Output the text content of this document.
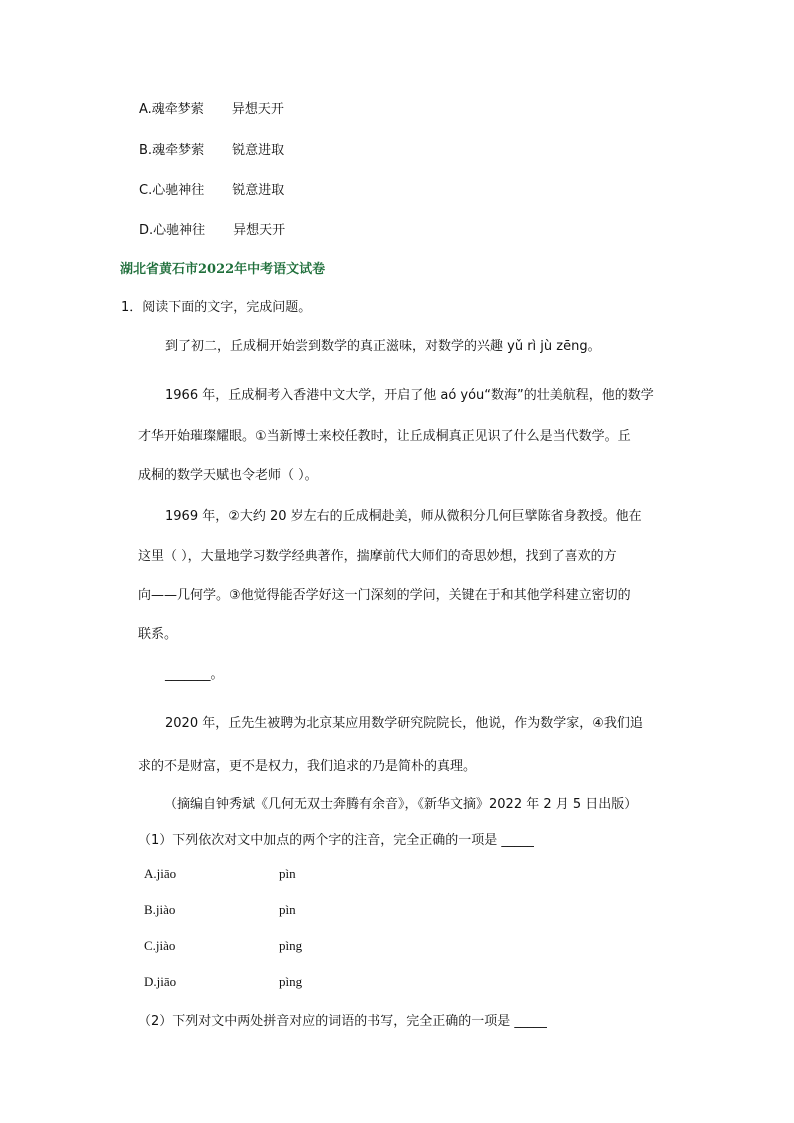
A.魂牵梦萦 异想天开
B.魂牵梦萦 锐意进取
C.心驰神往 锐意进取
D.心驰神往 异想天开
湖北省黄石市2022年中考语文试卷
1．阅读下面的文字，完成问题。
到了初二，丘成桐开始尝到数学的真正滋味，对数学的兴趣 yǔ rì jù zēng。
1966 年，丘成桐考入香港中文大学，开启了他 aó yóu“数海”的壮美航程，他的数学
才华开始璀璨耀眼。①当新博士来校任教时，让丘成桐真正见识了什么是当代数学。丘
成桐的数学天赋也令老师（ ）。
1969 年，②大约 20 岁左右的丘成桐赴美，师从微积分几何巨擘陈省身教授。他在
这里（ ），大量地学习数学经典著作，揣摩前代大师们的奇思妙想，找到了喜欢的方
向——几何学。③他觉得能否学好这一门深刻的学问，关键在于和其他学科建立密切的
联系。
_______。
2020 年，丘先生被聘为北京某应用数学研究院院长，他说，作为数学家，④我们追
求的不是财富，更不是权力，我们追求的乃是简朴的真理。
（摘编自钟秀斌《几何无双士奔腾有余音》，《新华文摘》2022 年 2 月 5 日出版）
（1）下列依次对文中加点的两个字的注音，完全正确的一项是 _____
A.jiāo	pìn
B.jiào	pìn
C.jiào	pìng
D.jiāo	pìng
（2）下列对文中两处拼音对应的词语的书写，完全正确的一项是 _____
